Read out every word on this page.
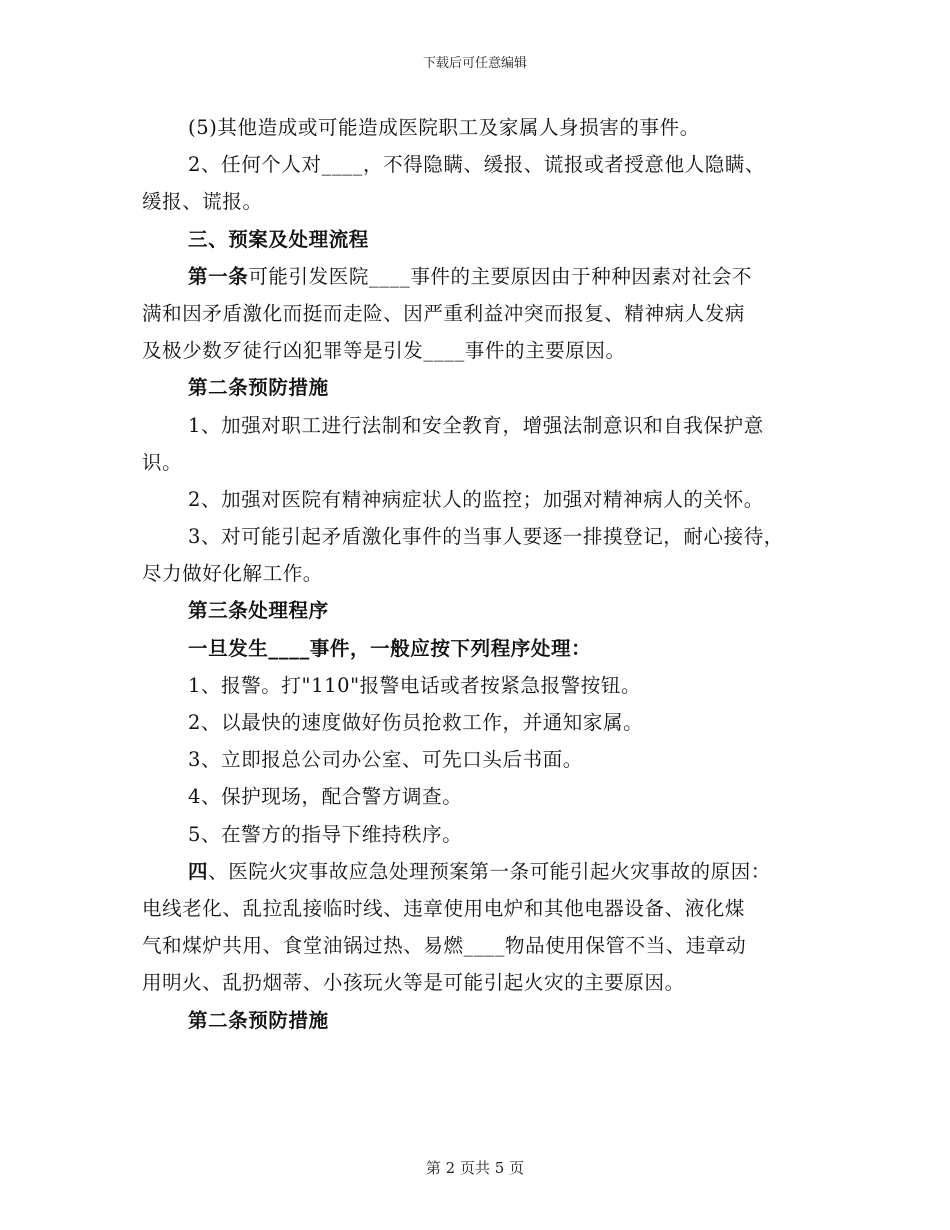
下载后可任意编辑
(5)其他造成或可能造成医院职工及家属人身损害的事件。
2、任何个人对____，不得隐瞒、缓报、谎报或者授意他人隐瞒、
缓报、谎报。
三、预案及处理流程
第一条可能引发医院____事件的主要原因由于种种因素对社会不
满和因矛盾激化而挺而走险、因严重利益冲突而报复、精神病人发病
及极少数歹徒行凶犯罪等是引发____事件的主要原因。
第二条预防措施
1、加强对职工进行法制和安全教育，增强法制意识和自我保护意
识。
2、加强对医院有精神病症状人的监控；加强对精神病人的关怀。
3、对可能引起矛盾激化事件的当事人要逐一排摸登记，耐心接待，
尽力做好化解工作。
第三条处理程序
一旦发生____事件，一般应按下列程序处理：
1、报警。打"110"报警电话或者按紧急报警按钮。
2、以最快的速度做好伤员抢救工作，并通知家属。
3、立即报总公司办公室、可先口头后书面。
4、保护现场，配合警方调查。
5、在警方的指导下维持秩序。
四、医院火灾事故应急处理预案第一条可能引起火灾事故的原因：
电线老化、乱拉乱接临时线、违章使用电炉和其他电器设备、液化煤
气和煤炉共用、食堂油锅过热、易燃____物品使用保管不当、违章动
用明火、乱扔烟蒂、小孩玩火等是可能引起火灾的主要原因。
第二条预防措施
第 2 页共 5 页
